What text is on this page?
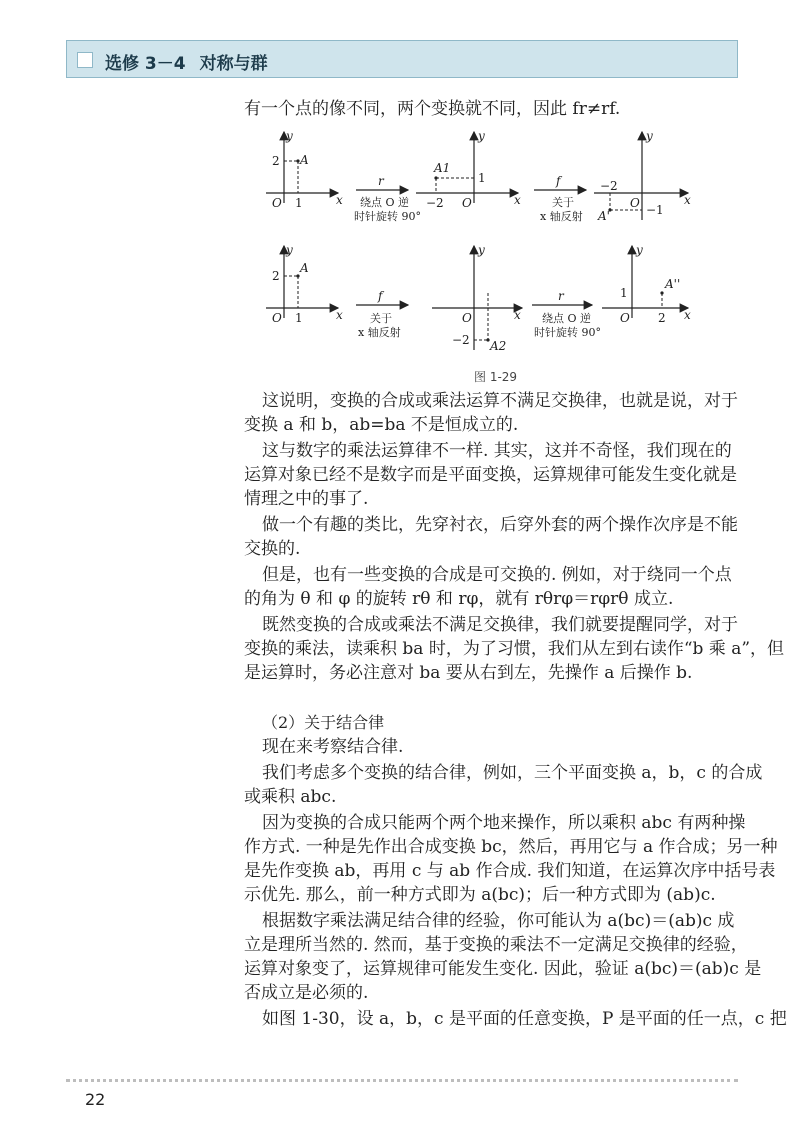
选修 3－4 对称与群
有一个点的像不同，两个变换就不同，因此 fr≠rf.
y
x
O
2
1
A
r
绕点 O 逆
时针旋转 90°
y
x
O
−2
1
A1
f
关于
x 轴反射
y
x
O
−2
−1
A'
y
x
O
2
1
A
f
关于
x 轴反射
y
x
O
−2 A2
r
绕点 O 逆
时针旋转 90°
y
x
O
1
2
A''
图 1-29
这说明，变换的合成或乘法运算不满足交换律，也就是说，对于
变换 a 和 b，ab=ba 不是恒成立的.
这与数字的乘法运算律不一样. 其实，这并不奇怪，我们现在的
运算对象已经不是数字而是平面变换，运算规律可能发生变化就是
情理之中的事了.
做一个有趣的类比，先穿衬衣，后穿外套的两个操作次序是不能
交换的.
但是，也有一些变换的合成是可交换的. 例如，对于绕同一个点
的角为 θ 和 φ 的旋转 rθ 和 rφ，就有 rθrφ＝rφrθ 成立.
既然变换的合成或乘法不满足交换律，我们就要提醒同学，对于
变换的乘法，读乘积 ba 时，为了习惯，我们从左到右读作“b 乘 a”，但
是运算时，务必注意对 ba 要从右到左，先操作 a 后操作 b.
（2）关于结合律
现在来考察结合律.
我们考虑多个变换的结合律，例如，三个平面变换 a，b，c 的合成
或乘积 abc.
因为变换的合成只能两个两个地来操作，所以乘积 abc 有两种操
作方式. 一种是先作出合成变换 bc，然后，再用它与 a 作合成；另一种
是先作变换 ab，再用 c 与 ab 作合成. 我们知道，在运算次序中括号表
示优先. 那么，前一种方式即为 a(bc)；后一种方式即为 (ab)c.
根据数字乘法满足结合律的经验，你可能认为 a(bc)＝(ab)c 成
立是理所当然的. 然而，基于变换的乘法不一定满足交换律的经验，
运算对象变了，运算规律可能发生变化. 因此，验证 a(bc)＝(ab)c 是
否成立是必须的.
如图 1-30，设 a，b，c 是平面的任意变换，P 是平面的任一点，c 把
22
